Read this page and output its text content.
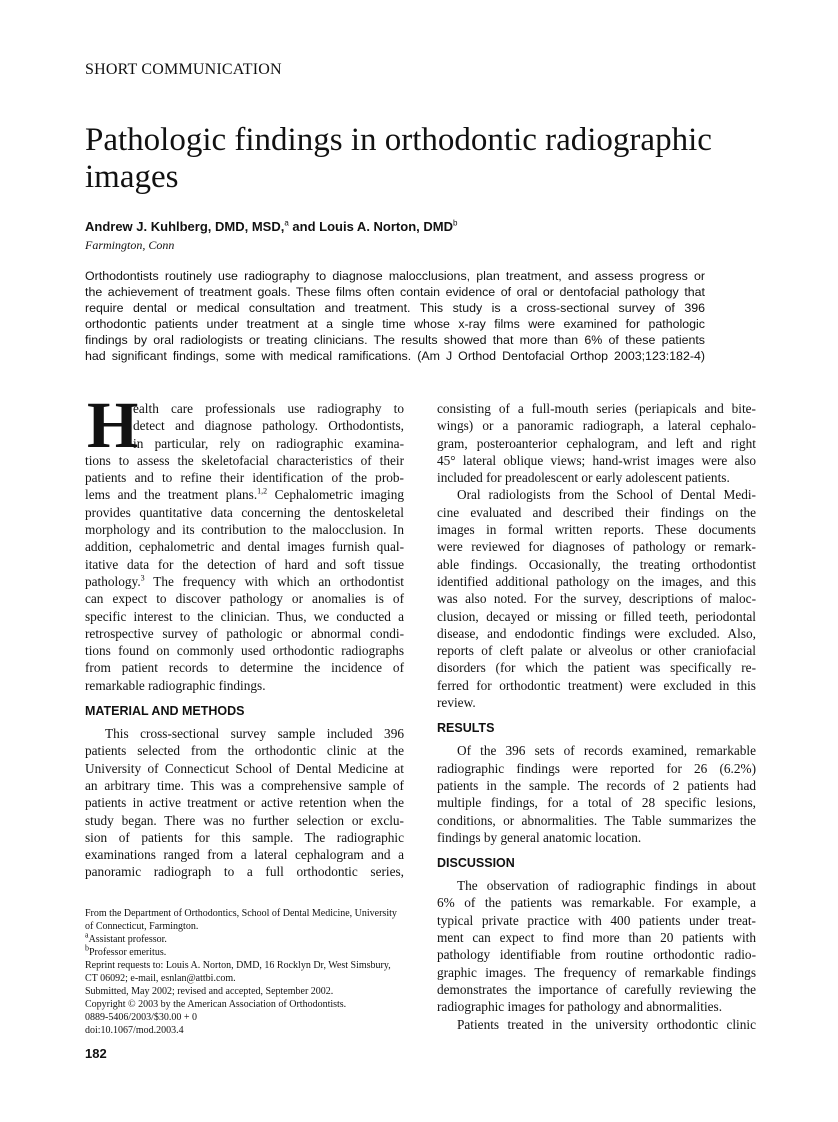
SHORT COMMUNICATION
Pathologic findings in orthodontic radiographic images
Andrew J. Kuhlberg, DMD, MSD,$^a$ and Louis A. Norton, DMD$^b$
Farmington, Conn
Orthodontists routinely use radiography to diagnose malocclusions, plan treatment, and assess progress or
the achievement of treatment goals. These films often contain evidence of oral or dentofacial pathology that
require dental or medical consultation and treatment. This study is a cross-sectional survey of 396
orthodontic patients under treatment at a single time whose x-ray films were examined for pathologic
findings by oral radiologists or treating clinicians. The results showed that more than 6% of these patients
had significant findings, some with medical ramifications. (Am J Orthod Dentofacial Orthop 2003;123:182-4)
H
ealth care professionals use radiography to
detect and diagnose pathology. Orthodontists,
in particular, rely on radiographic examina-
tions to assess the skeletofacial characteristics of their
patients and to refine their identification of the prob-
lems and the treatment plans.$^{1,2}$ Cephalometric imaging
provides quantitative data concerning the dentoskeletal
morphology and its contribution to the malocclusion. In
addition, cephalometric and dental images furnish qual-
itative data for the detection of hard and soft tissue
pathology.$^3$ The frequency with which an orthodontist
can expect to discover pathology or anomalies is of
specific interest to the clinician. Thus, we conducted a
retrospective survey of pathologic or abnormal condi-
tions found on commonly used orthodontic radiographs
from patient records to determine the incidence of
remarkable radiographic findings.
MATERIAL AND METHODS
This cross-sectional survey sample included 396
patients selected from the orthodontic clinic at the
University of Connecticut School of Dental Medicine at
an arbitrary time. This was a comprehensive sample of
patients in active treatment or active retention when the
study began. There was no further selection or exclu-
sion of patients for this sample. The radiographic
examinations ranged from a lateral cephalogram and a
panoramic radiograph to a full orthodontic series,
consisting of a full-mouth series (periapicals and bite-
wings) or a panoramic radiograph, a lateral cephalo-
gram, posteroanterior cephalogram, and left and right
45° lateral oblique views; hand-wrist images were also
included for preadolescent or early adolescent patients.
Oral radiologists from the School of Dental Medi-
cine evaluated and described their findings on the
images in formal written reports. These documents
were reviewed for diagnoses of pathology or remark-
able findings. Occasionally, the treating orthodontist
identified additional pathology on the images, and this
was also noted. For the survey, descriptions of maloc-
clusion, decayed or missing or filled teeth, periodontal
disease, and endodontic findings were excluded. Also,
reports of cleft palate or alveolus or other craniofacial
disorders (for which the patient was specifically re-
ferred for orthodontic treatment) were excluded in this
review.
RESULTS
Of the 396 sets of records examined, remarkable
radiographic findings were reported for 26 (6.2%)
patients in the sample. The records of 2 patients had
multiple findings, for a total of 28 specific lesions,
conditions, or abnormalities. The Table summarizes the
findings by general anatomic location.
DISCUSSION
The observation of radiographic findings in about
6% of the patients was remarkable. For example, a
typical private practice with 400 patients under treat-
ment can expect to find more than 20 patients with
pathology identifiable from routine orthodontic radio-
graphic images. The frequency of remarkable findings
demonstrates the importance of carefully reviewing the
radiographic images for pathology and abnormalities.
Patients treated in the university orthodontic clinic
From the Department of Orthodontics, School of Dental Medicine, University of Connecticut, Farmington.
$^a$Assistant professor.
$^b$Professor emeritus.
Reprint requests to: Louis A. Norton, DMD, 16 Rocklyn Dr, West Simsbury, CT 06092; e-mail, esnlan@attbi.com.
Submitted, May 2002; revised and accepted, September 2002.
Copyright © 2003 by the American Association of Orthodontists.
0889-5406/2003/$30.00 + 0
doi:10.1067/mod.2003.4
182
